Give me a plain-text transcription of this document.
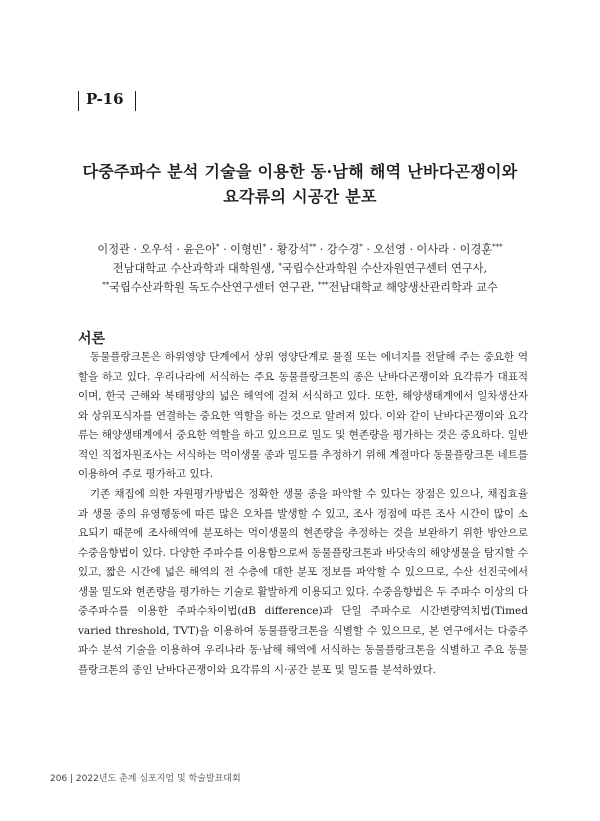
P-16
다중주파수 분석 기술을 이용한 동·남해 해역 난바다곤쟁이와
요각류의 시공간 분포
이정관 · 오우석 · 윤은아* · 이형빈* · 황강석** · 강수경* · 오선영 · 이사라 · 이경훈***
전남대학교 수산과학과 대학원생, *국립수산과학원 수산자원연구센터 연구사,
**국립수산과학원 독도수산연구센터 연구관, ***전남대학교 해양생산관리학과 교수
서론

동물플랑크톤은 하위영양 단계에서 상위 영양단계로 물질 또는 에너지를 전달해 주는 중요한 역할을 하고 있다. 우리나라에 서식하는 주요 동물플랑크톤의 종은 난바다곤쟁이와 요각류가 대표적이며, 한국 근해와 북태평양의 넓은 해역에 걸쳐 서식하고 있다. 또한, 해양생태계에서 일차생산자와 상위포식자를 연결하는 중요한 역할을 하는 것으로 알려져 있다. 이와 같이 난바다곤쟁이와 요각류는 해양생태계에서 중요한 역할을 하고 있으므로 밀도 및 현존량을 평가하는 것은 중요하다. 일반적인 직접자원조사는 서식하는 먹이생물 종과 밀도를 추정하기 위해 계절마다 동물플랑크톤 네트를 이용하여 주로 평가하고 있다.

기존 채집에 의한 자원평가방법은 정확한 생물 종을 파악할 수 있다는 장점은 있으나, 채집효율과 생물 종의 유영행동에 따른 많은 오차를 발생할 수 있고, 조사 정점에 따른 조사 시간이 많이 소요되기 때문에 조사해역에 분포하는 먹이생물의 현존량을 추정하는 것을 보완하기 위한 방안으로 수중음향법이 있다. 다양한 주파수를 이용함으로써 동물플랑크톤과 바닷속의 해양생물을 탐지할 수 있고, 짧은 시간에 넓은 해역의 전 수층에 대한 분포 정보를 파악할 수 있으므로, 수산 선진국에서 생물 밀도와 현존량을 평가하는 기술로 활발하게 이용되고 있다. 수중음향법은 두 주파수 이상의 다중주파수를 이용한 주파수차이법(dB difference)과 단일 주파수로 시간변량역치법(Timed varied threshold, TVT)을 이용하여 동물플랑크톤을 식별할 수 있으므로, 본 연구에서는 다중주파수 분석 기술을 이용하여 우리나라 동·남해 해역에 서식하는 동물플랑크톤을 식별하고 주요 동물플랑크톤의 종인 난바다곤쟁이와 요각류의 시·공간 분포 및 밀도를 분석하였다.

206 | 2022년도 춘계 심포지엄 및 학술발표대회
